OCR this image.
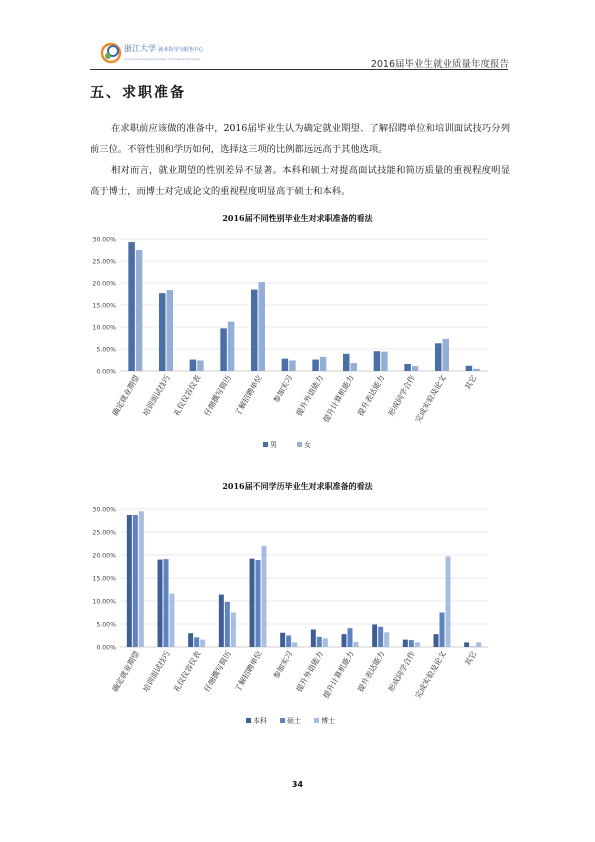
浙江大学 就业指导与服务中心
Career Development Center of Zhejiang University	2016届毕业生就业质量年度报告
五、求职准备
在求职前应该做的准备中，2016届毕业生认为确定就业期望、了解招聘单位和培训面试技巧分列前三位。不管性别和学历如何，选择这三项的比例都远远高于其他选项。
相对而言，就业期望的性别差异不显著。本科和硕士对提高面试技能和简历质量的重视程度明显高于博士，而博士对完成论文的重视程度明显高于硕士和本科。
2016届不同性别毕业生对求职准备的看法
0.00%
5.00%
10.00%
15.00%
20.00%
25.00%
30.00%
确定就业期望 培训面试技巧 礼仪仪容仪表 仔细撰写简历 了解招聘单位 参加实习 提升外语能力
提升计算机能力 提升表达能力 形成同学合作
完成实验及论文 其它
男	女
2016届不同学历毕业生对求职准备的看法
0.00%
5.00%
10.00%
15.00%
20.00%
25.00%
30.00%
确定就业期望 培训面试技巧 礼仪仪容仪表 仔细撰写简历 了解招聘单位 参加实习 提升外语能力
提升计算机能力 提升表达能力 形成同学合作
完成实验及论文 其它
本科	硕士	博士
34
